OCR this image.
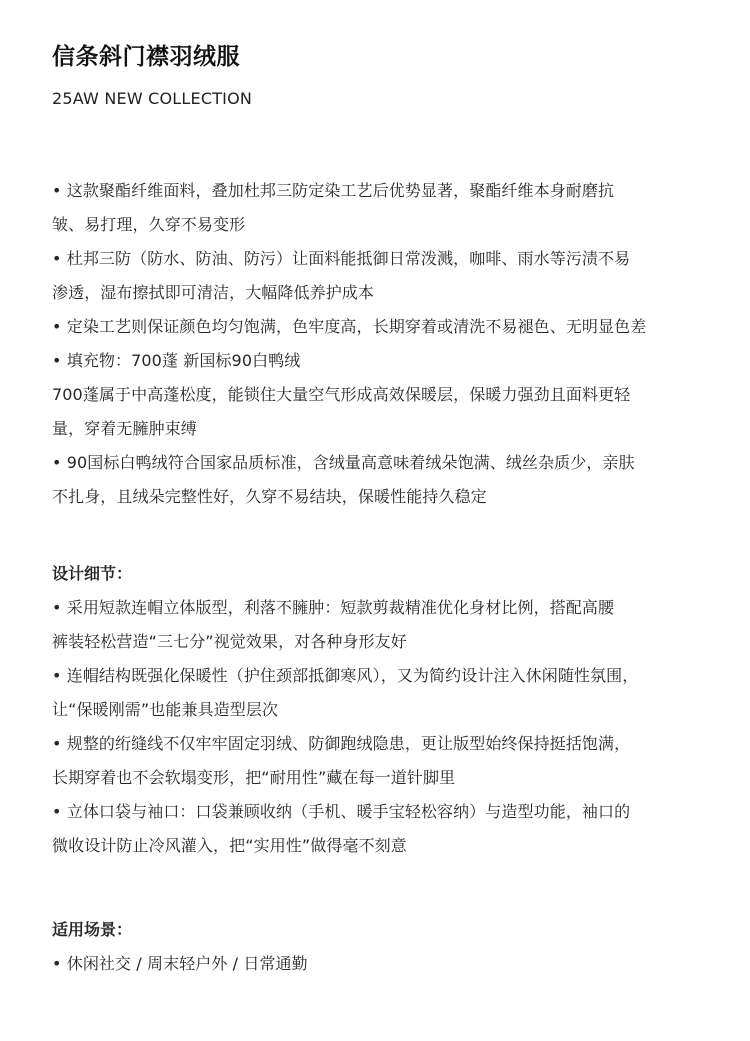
信条斜门襟羽绒服

25AW NEW COLLECTION

• 这款聚酯纤维面料，叠加杜邦三防定染工艺后优势显著，聚酯纤维本身耐磨抗
皱、易打理，久穿不易变形
• 杜邦三防（防水、防油、防污）让面料能抵御日常泼溅，咖啡、雨水等污渍不易
渗透，湿布擦拭即可清洁，大幅降低养护成本
• 定染工艺则保证颜色均匀饱满，色牢度高，长期穿着或清洗不易褪色、无明显色差
• 填充物：700蓬 新国标90白鸭绒
700蓬属于中高蓬松度，能锁住大量空气形成高效保暖层，保暖力强劲且面料更轻
量，穿着无臃肿束缚
• 90国标白鸭绒符合国家品质标准，含绒量高意味着绒朵饱满、绒丝杂质少，亲肤
不扎身，且绒朵完整性好，久穿不易结块，保暖性能持久稳定
设计细节：
• 采用短款连帽立体版型，利落不臃肿：短款剪裁精准优化身材比例，搭配高腰
裤装轻松营造“三七分”视觉效果，对各种身形友好
• 连帽结构既强化保暖性（护住颈部抵御寒风），又为简约设计注入休闲随性氛围，
让“保暖刚需”也能兼具造型层次
• 规整的绗缝线不仅牢牢固定羽绒、防御跑绒隐患，更让版型始终保持挺括饱满，
长期穿着也不会软塌变形，把“耐用性”藏在每一道针脚里
• 立体口袋与袖口：口袋兼顾收纳（手机、暖手宝轻松容纳）与造型功能，袖口的
微收设计防止冷风灌入，把“实用性”做得毫不刻意
适用场景：
• 休闲社交 / 周末轻户外 / 日常通勤
